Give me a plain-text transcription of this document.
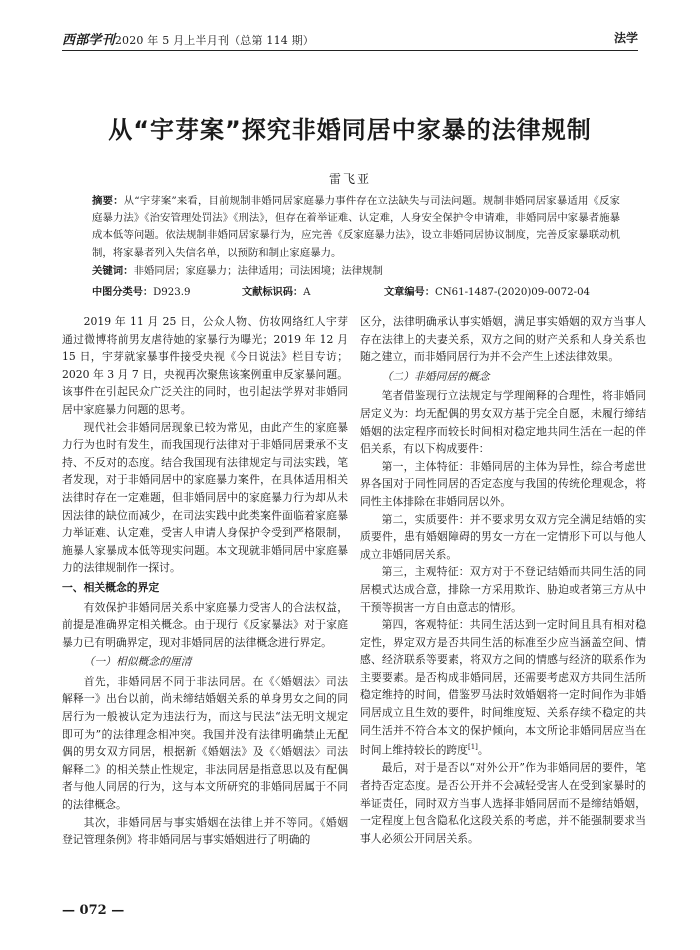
西部学刊2020 年 5 月上半月刊（总第 114 期）	法学
从“宇芽案”探究非婚同居中家暴的法律规制
雷飞亚
摘要：从“宇芽案”来看，目前规制非婚同居家庭暴力事件存在立法缺失与司法问题。规制非婚同居家暴适用《反家庭暴力法》《治安管理处罚法》《刑法》，但存在着举证难、认定难，人身安全保护令申请难，非婚同居中家暴者施暴成本低等问题。依法规制非婚同居家暴行为，应完善《反家庭暴力法》，设立非婚同居协议制度，完善反家暴联动机制，将家暴者列入失信名单，以预防和制止家庭暴力。
关键词：非婚同居；家庭暴力；法律适用；司法困境；法律规制
中图分类号：D923.9	文献标识码：A	文章编号：CN61-1487-(2020)09-0072-04

2019 年 11 月 25 日，公众人物、仿妆网络红人宇芽通过微博将前男友虐待她的家暴行为曝光；2019 年 12 月 15 日，宇芽就家暴事件接受央视《今日说法》栏目专访；2020 年 3 月 7 日，央视再次聚焦该案例重申反家暴问题。该事件在引起民众广泛关注的同时，也引起法学界对非婚同居中家庭暴力问题的思考。

现代社会非婚同居现象已较为常见，由此产生的家庭暴力行为也时有发生，而我国现行法律对于非婚同居秉承不支持、不反对的态度。结合我国现有法律规定与司法实践，笔者发现，对于非婚同居中的家庭暴力案件，在具体适用相关法律时存在一定难题，但非婚同居中的家庭暴力行为却从未因法律的缺位而减少，在司法实践中此类案件面临着家庭暴力举证难、认定难，受害人申请人身保护令受到严格限制，施暴人家暴成本低等现实问题。本文现就非婚同居中家庭暴力的法律规制作一探讨。

一、相关概念的界定

有效保护非婚同居关系中家庭暴力受害人的合法权益，前提是准确界定相关概念。由于现行《反家暴法》对于家庭暴力已有明确界定，现对非婚同居的法律概念进行界定。

（一）相似概念的厘清

首先，非婚同居不同于非法同居。在《〈婚姻法〉司法解释一》出台以前，尚未缔结婚姻关系的单身男女之间的同居行为一般被认定为违法行为，而这与民法“法无明文规定即可为”的法律理念相冲突。我国并没有法律明确禁止无配偶的男女双方同居，根据新《婚姻法》及《〈婚姻法〉司法解释二》的相关禁止性规定，非法同居是指意思以及有配偶者与他人同居的行为，这与本文所研究的非婚同居属于不同的法律概念。

其次，非婚同居与事实婚姻在法律上并不等同。《婚姻登记管理条例》将非婚同居与事实婚姻进行了明确的

区分，法律明确承认事实婚姻，满足事实婚姻的双方当事人存在法律上的夫妻关系，双方之间的财产关系和人身关系也随之建立，而非婚同居行为并不会产生上述法律效果。

（二）非婚同居的概念

笔者借鉴现行立法规定与学理阐释的合理性，将非婚同居定义为：均无配偶的男女双方基于完全自愿，未履行缔结婚姻的法定程序而较长时间相对稳定地共同生活在一起的伴侣关系，有以下构成要件：

第一，主体特征：非婚同居的主体为异性，综合考虑世界各国对于同性同居的否定态度与我国的传统伦理观念，将同性主体排除在非婚同居以外。

第二，实质要件：并不要求男女双方完全满足结婚的实质要件，患有婚姻障碍的男女一方在一定情形下可以与他人成立非婚同居关系。

第三，主观特征：双方对于不登记结婚而共同生活的同居模式达成合意，排除一方采用欺诈、胁迫或者第三方从中干预等损害一方自由意志的情形。

第四，客观特征：共同生活达到一定时间且具有相对稳定性，界定双方是否共同生活的标准至少应当涵盖空间、情感、经济联系等要素，将双方之间的情感与经济的联系作为主要要素。是否构成非婚同居，还需要考虑双方共同生活所稳定维持的时间，借鉴罗马法时效婚姻将一定时间作为非婚同居成立且生效的要件，时间维度短、关系存续不稳定的共同生活并不符合本文的保护倾向，本文所论非婚同居应当在时间上维持较长的跨度[1]。

最后，对于是否以“对外公开”作为非婚同居的要件，笔者持否定态度。是否公开并不会减轻受害人在受到家暴时的举证责任，同时双方当事人选择非婚同居而不是缔结婚姻，一定程度上包含隐私化这段关系的考虑，并不能强制要求当事人必须公开同居关系。

— 072 —
